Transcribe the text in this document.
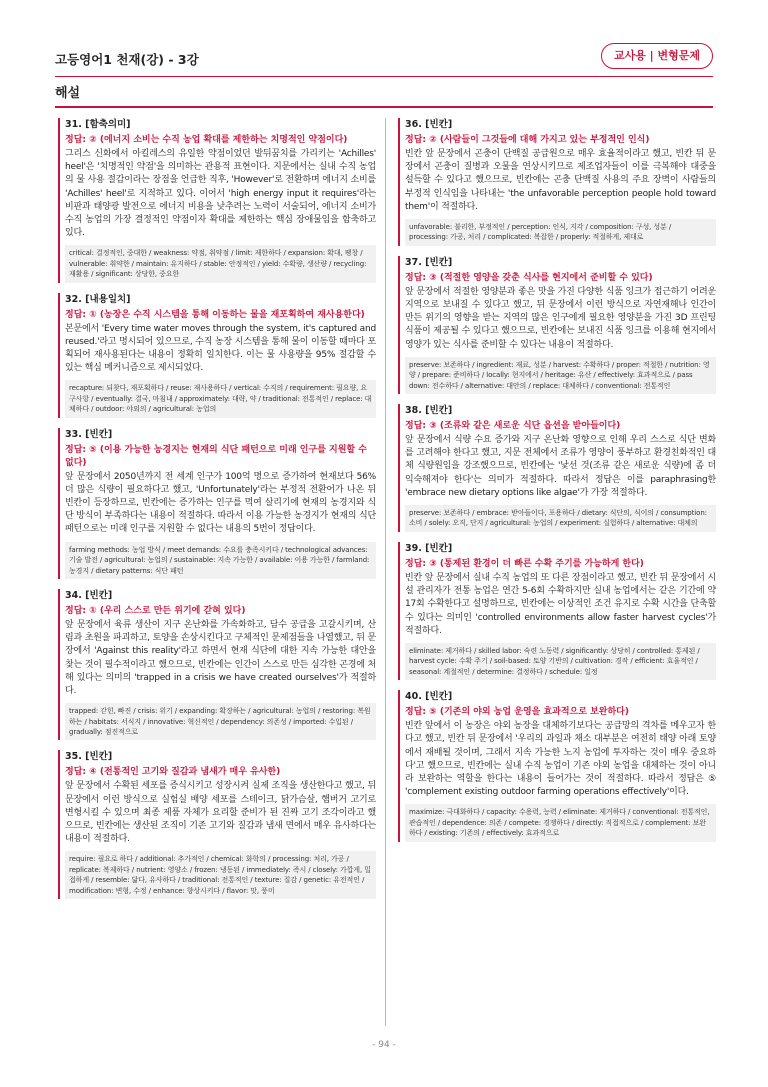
고등영어1 천재(강) - 3강	교사용 | 변형문제
해설
31. [함축의미]
정답: ② (에너지 소비는 수직 농업 확대를 제한하는 치명적인 약점이다)
그리스 신화에서 아킬레스의 유일한 약점이었던 발뒤꿈치를 가리키는 'Achilles' heel'은 '치명적인 약점'을 의미하는 관용적 표현이다. 지문에서는 실내 수직 농업의 물 사용 절감이라는 장점을 언급한 직후, 'However'로 전환하며 에너지 소비를 'Achilles' heel'로 지적하고 있다. 이어서 'high energy input it requires'라는 비판과 태양광 발전으로 에너지 비용을 낮추려는 노력이 서술되어, 에너지 소비가 수직 농업의 가장 결정적인 약점이자 확대를 제한하는 핵심 장애물임을 함축하고 있다.
critical: 결정적인, 중대한 / weakness: 약점, 취약점 / limit: 제한하다 / expansion: 확대, 팽창 / vulnerable: 취약한 / maintain: 유지하다 / stable: 안정적인 / yield: 수확량, 생산량 / recycling: 재활용 / significant: 상당한, 중요한
32. [내용일치]
정답: ① (농장은 수직 시스템을 통해 이동하는 물을 재포획하여 재사용한다)
본문에서 'Every time water moves through the system, it's captured and reused.'라고 명시되어 있으므로, 수직 농장 시스템을 통해 물이 이동할 때마다 포획되어 재사용된다는 내용이 정확히 일치한다. 이는 물 사용량을 95% 절감할 수 있는 핵심 메커니즘으로 제시되었다.
recapture: 되찾다, 재포획하다 / reuse: 재사용하다 / vertical: 수직의 / requirement: 필요량, 요구사항 / eventually: 결국, 마침내 / approximately: 대략, 약 / traditional: 전통적인 / replace: 대체하다 / outdoor: 야외의 / agricultural: 농업의
33. [빈칸]
정답: ⑤ (이용 가능한 농경지는 현재의 식단 패턴으로 미래 인구를 지원할 수 없다)
앞 문장에서 2050년까지 전 세계 인구가 100억 명으로 증가하여 현재보다 56% 더 많은 식량이 필요하다고 했고, 'Unfortunately'라는 부정적 전환어가 나온 뒤 빈칸이 등장하므로, 빈칸에는 증가하는 인구를 먹여 살리기에 현재의 농경지와 식단 방식이 부족하다는 내용이 적절하다. 따라서 이용 가능한 농경지가 현재의 식단 패턴으로는 미래 인구를 지원할 수 없다는 내용의 5번이 정답이다.
farming methods: 농업 방식 / meet demands: 수요를 충족시키다 / technological advances: 기술 발전 / agricultural: 농업의 / sustainable: 지속 가능한 / available: 이용 가능한 / farmland: 농경지 / dietary patterns: 식단 패턴
34. [빈칸]
정답: ① (우리 스스로 만든 위기에 갇혀 있다)
앞 문장에서 육류 생산이 지구 온난화를 가속화하고, 담수 공급을 고갈시키며, 산림과 초원을 파괴하고, 토양을 손상시킨다고 구체적인 문제점들을 나열했고, 뒤 문장에서 'Against this reality'라고 하면서 현재 식단에 대한 지속 가능한 대안을 찾는 것이 필수적이라고 했으므로, 빈칸에는 인간이 스스로 만든 심각한 곤경에 처해 있다는 의미의 'trapped in a crisis we have created ourselves'가 적절하다.
trapped: 갇힌, 빠진 / crisis: 위기 / expanding: 확장하는 / agricultural: 농업의 / restoring: 복원하는 / habitats: 서식지 / innovative: 혁신적인 / dependency: 의존성 / imported: 수입된 / gradually: 점진적으로
35. [빈칸]
정답: ④ (전통적인 고기와 질감과 냄새가 매우 유사한)
앞 문장에서 수확된 세포를 증식시키고 성장시켜 실제 조직을 생산한다고 했고, 뒤 문장에서 이런 방식으로 실험실 배양 세포를 스테이크, 닭가슴살, 햄버거 고기로 변형시킬 수 있으며 최종 제품 자체가 요리할 준비가 된 진짜 고기 조각이라고 했으므로, 빈칸에는 생산된 조직이 기존 고기와 질감과 냄새 면에서 매우 유사하다는 내용이 적절하다.
require: 필요로 하다 / additional: 추가적인 / chemical: 화학의 / processing: 처리, 가공 / replicate: 복제하다 / nutrient: 영양소 / frozen: 냉동된 / immediately: 즉시 / closely: 가깝게, 밀접하게 / resemble: 닮다, 유사하다 / traditional: 전통적인 / texture: 질감 / genetic: 유전적인 / modification: 변형, 수정 / enhance: 향상시키다 / flavor: 맛, 풍미
36. [빈칸]
정답: ② (사람들이 그것들에 대해 가지고 있는 부정적인 인식)
빈칸 앞 문장에서 곤충이 단백질 공급원으로 매우 효율적이라고 했고, 빈칸 뒤 문장에서 곤충이 질병과 오물을 연상시키므로 제조업자들이 이를 극복해야 대중을 설득할 수 있다고 했으므로, 빈칸에는 곤충 단백질 사용의 주요 장벽이 사람들의 부정적 인식임을 나타내는 'the unfavorable perception people hold toward them'이 적절하다.
unfavorable: 불리한, 부정적인 / perception: 인식, 지각 / composition: 구성, 성분 / processing: 가공, 처리 / complicated: 복잡한 / properly: 적절하게, 제대로
37. [빈칸]
정답: ③ (적절한 영양을 갖춘 식사를 현지에서 준비할 수 있다)
앞 문장에서 적절한 영양분과 좋은 맛을 가진 다양한 식품 잉크가 접근하기 어려운 지역으로 보내질 수 있다고 했고, 뒤 문장에서 이런 방식으로 자연재해나 인간이 만든 위기의 영향을 받는 지역의 많은 인구에게 필요한 영양분을 가진 3D 프린팅 식품이 제공될 수 있다고 했으므로, 빈칸에는 보내진 식품 잉크를 이용해 현지에서 영양가 있는 식사를 준비할 수 있다는 내용이 적절하다.
preserve: 보존하다 / ingredient: 재료, 성분 / harvest: 수확하다 / proper: 적절한 / nutrition: 영양 / prepare: 준비하다 / locally: 현지에서 / heritage: 유산 / effectively: 효과적으로 / pass down: 전수하다 / alternative: 대안의 / replace: 대체하다 / conventional: 전통적인
38. [빈칸]
정답: ③ (조류와 같은 새로운 식단 옵션을 받아들이다)
앞 문장에서 식량 수요 증가와 지구 온난화 영향으로 인해 우리 스스로 식단 변화를 고려해야 한다고 했고, 지문 전체에서 조류가 영양이 풍부하고 환경친화적인 대체 식량원임을 강조했으므로, 빈칸에는 '낯선 것(조류 같은 새로운 식량)에 좀 더 익숙해져야 한다'는 의미가 적절하다. 따라서 정답은 이를 paraphrasing한 'embrace new dietary options like algae'가 가장 적절하다.
preserve: 보존하다 / embrace: 받아들이다, 포용하다 / dietary: 식단의, 식이의 / consumption: 소비 / solely: 오직, 단지 / agricultural: 농업의 / experiment: 실험하다 / alternative: 대체의
39. [빈칸]
정답: ③ (통제된 환경이 더 빠른 수확 주기를 가능하게 한다)
빈칸 앞 문장에서 실내 수직 농업의 또 다른 장점이라고 했고, 빈칸 뒤 문장에서 시설 관리자가 전통 농업은 연간 5-6회 수확하지만 실내 농업에서는 같은 기간에 약 17회 수확한다고 설명하므로, 빈칸에는 이상적인 조건 유지로 수확 시간을 단축할 수 있다는 의미인 'controlled environments allow faster harvest cycles'가 적절하다.
eliminate: 제거하다 / skilled labor: 숙련 노동력 / significantly: 상당히 / controlled: 통제된 / harvest cycle: 수확 주기 / soil-based: 토양 기반의 / cultivation: 경작 / efficient: 효율적인 / seasonal: 계절적인 / determine: 결정하다 / schedule: 일정
40. [빈칸]
정답: ⑤ (기존의 야외 농업 운영을 효과적으로 보완하다)
빈칸 앞에서 이 농장은 야외 농장을 대체하기보다는 공급망의 격차를 메우고자 한다고 했고, 빈칸 뒤 문장에서 '우리의 과일과 채소 대부분은 여전히 태양 아래 토양에서 재배될 것이며, 그래서 지속 가능한 노지 농업에 투자하는 것이 매우 중요하다'고 했으므로, 빈칸에는 실내 수직 농업이 기존 야외 농업을 대체하는 것이 아니라 보완하는 역할을 한다는 내용이 들어가는 것이 적절하다. 따라서 정답은 ⑤ 'complement existing outdoor farming operations effectively'이다.
maximize: 극대화하다 / capacity: 수용력, 능력 / eliminate: 제거하다 / conventional: 전통적인, 관습적인 / dependence: 의존 / compete: 경쟁하다 / directly: 직접적으로 / complement: 보완하다 / existing: 기존의 / effectively: 효과적으로
- 94 -
